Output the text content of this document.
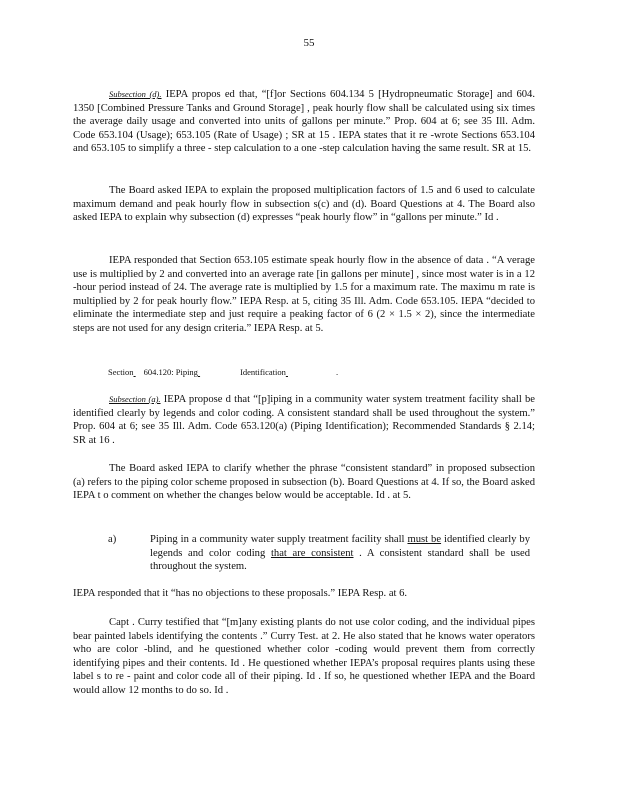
55

Subsection (d). IEPA propos ed that, “[f]or Sections 604.134 5 [Hydropneumatic Storage] and 604. 1350 [Combined Pressure Tanks and Ground Storage] , peak hourly flow shall be calculated using six times the average daily usage and converted into units of gallons per minute.” Prop. 604 at 6; see 35 Ill. Adm. Code 653.104 (Usage); 653.105 (Rate of Usage) ; SR at 15 . IEPA states that it re -wrote Sections 653.104 and 653.105 to simplify a three - step calculation to a one -step calculation having the same result. SR at 15.

The Board asked IEPA to explain the proposed multiplication factors of 1.5 and 6 used to calculate maximum demand and peak hourly flow in subsection s(c) and (d). Board Questions at 4. The Board also asked IEPA to explain why subsection (d) expresses “peak hourly flow” in “gallons per minute.” Id .

IEPA responded that Section 653.105 estimate speak hourly flow in the absence of data . “A verage use is multiplied by 2 and converted into an average rate [in gallons per minute] , since most water is in a 12 -hour period instead of 24. The average rate is multiplied by 1.5 for a maximum rate. The maximu m rate is multiplied by 2 for peak hourly flow.” IEPA Resp. at 5, citing 35 Ill. Adm. Code 653.105. IEPA “decided to eliminate the intermediate step and just require a peaking factor of 6 (2 × 1.5 × 2), since the intermediate steps are not used for any design criteria.” IEPA Resp. at 5.

Section 604.120: Piping	Identification	.

Subsection (a). IEPA propose d that “[p]iping in a community water system treatment facility shall be identified clearly by legends and color coding. A consistent standard shall be used throughout the system.” Prop. 604 at 6; see 35 Ill. Adm. Code 653.120(a) (Piping Identification); Recommended Standards § 2.14; SR at 16 .

The Board asked IEPA to clarify whether the phrase “consistent standard” in proposed subsection (a) refers to the piping color scheme proposed in subsection (b). Board Questions at 4. If so, the Board asked IEPA t o comment on whether the changes below would be acceptable. Id . at 5.

a)	Piping in a community water supply treatment facility shall must be identified clearly by legends and color coding that are consistent . A consistent standard shall be used throughout the system.

IEPA responded that it “has no objections to these proposals.” IEPA Resp. at 6.

Capt . Curry testified that “[m]any existing plants do not use color coding, and the individual pipes bear painted labels identifying the contents .” Curry Test. at 2. He also stated that he knows water operators who are color -blind, and he questioned whether color -coding would prevent them from correctly identifying pipes and their contents. Id . He questioned whether IEPA’s proposal requires plants using these label s to re - paint and color code all of their piping. Id . If so, he questioned whether IEPA and the Board would allow 12 months to do so. Id .
